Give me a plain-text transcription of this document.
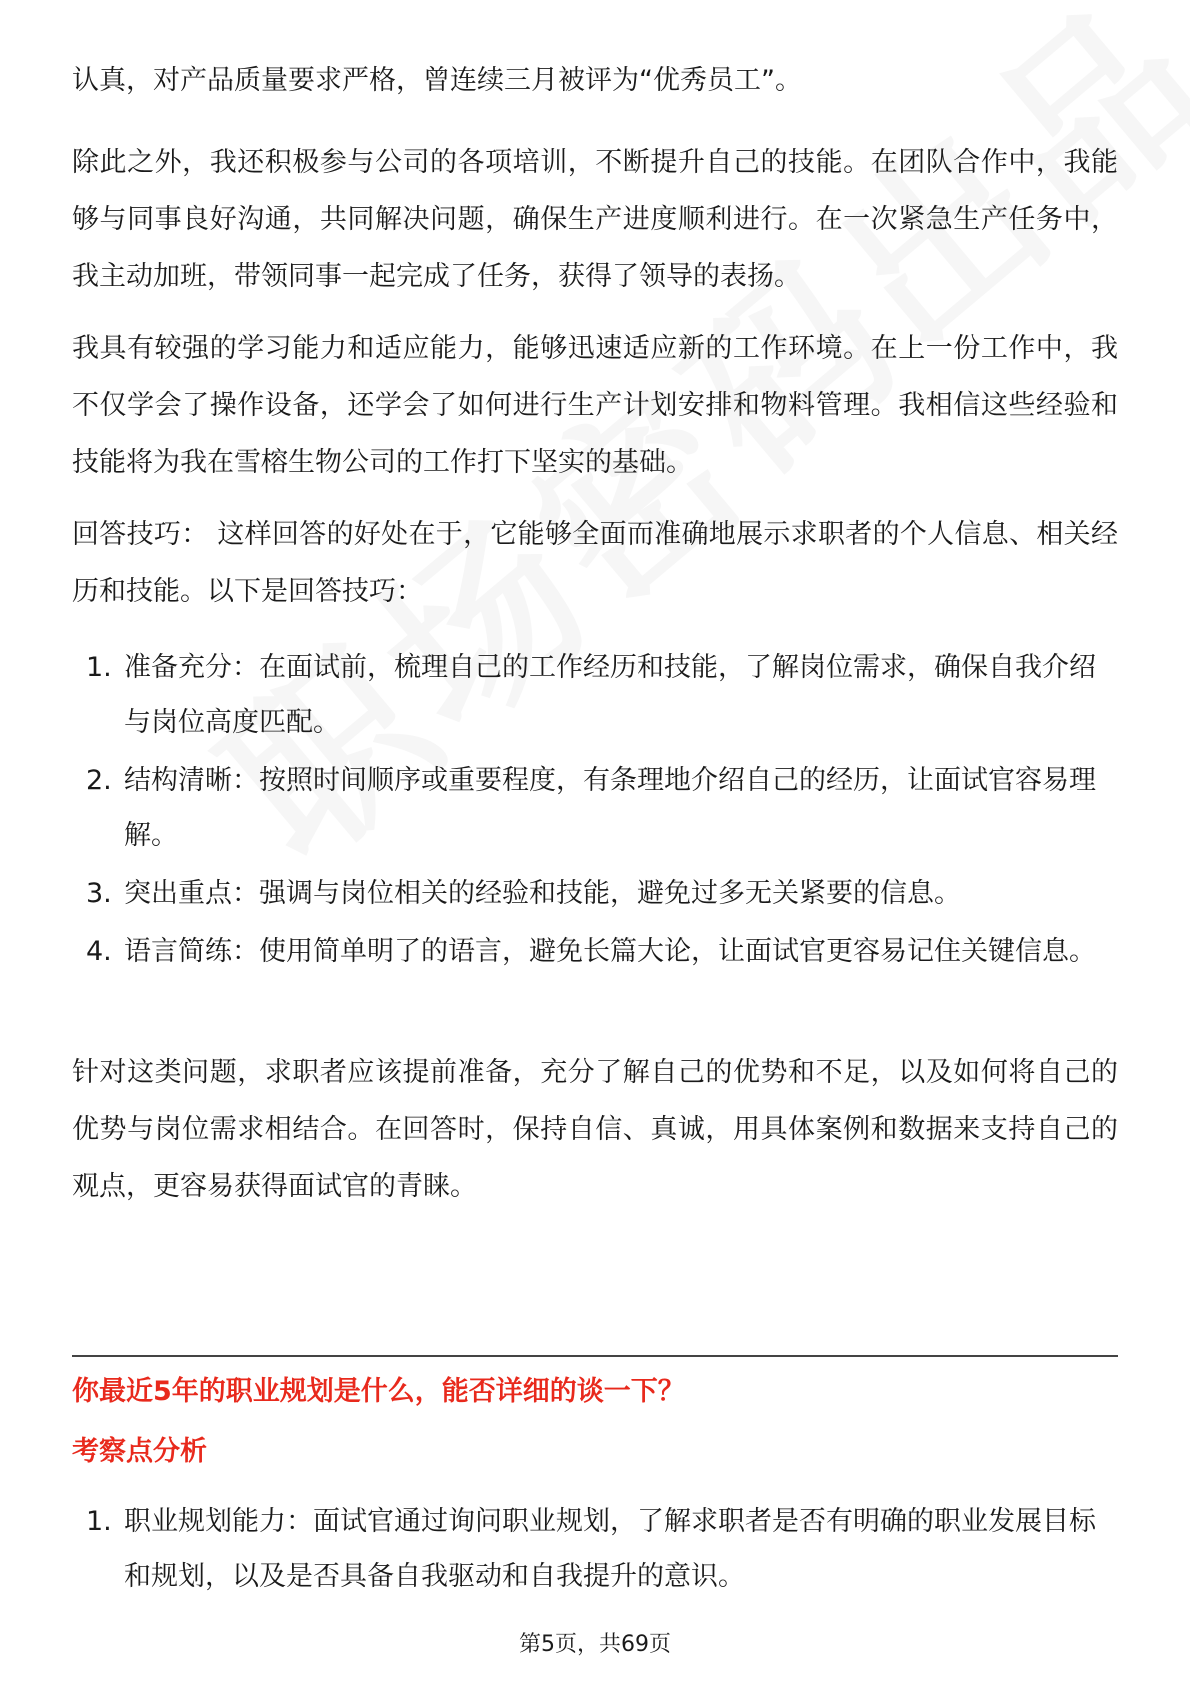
认真，对产品质量要求严格，曾连续三月被评为“优秀员工”。

除此之外，我还积极参与公司的各项培训，不断提升自己的技能。在团队合作中，我能够与同事良好沟通，共同解决问题，确保生产进度顺利进行。在一次紧急生产任务中，我主动加班，带领同事一起完成了任务，获得了领导的表扬。

我具有较强的学习能力和适应能力，能够迅速适应新的工作环境。在上一份工作中，我不仅学会了操作设备，还学会了如何进行生产计划安排和物料管理。我相信这些经验和技能将为我在雪榕生物公司的工作打下坚实的基础。

回答技巧： 这样回答的好处在于，它能够全面而准确地展示求职者的个人信息、相关经历和技能。以下是回答技巧：

1. 准备充分：在面试前，梳理自己的工作经历和技能，了解岗位需求，确保自我介绍与岗位高度匹配。
2. 结构清晰：按照时间顺序或重要程度，有条理地介绍自己的经历，让面试官容易理解。
3. 突出重点：强调与岗位相关的经验和技能，避免过多无关紧要的信息。
4. 语言简练：使用简单明了的语言，避免长篇大论，让面试官更容易记住关键信息。

针对这类问题，求职者应该提前准备，充分了解自己的优势和不足，以及如何将自己的优势与岗位需求相结合。在回答时，保持自信、真诚，用具体案例和数据来支持自己的观点，更容易获得面试官的青睐。

你最近5年的职业规划是什么，能否详细的谈一下？
考察点分析
1. 职业规划能力：面试官通过询问职业规划，了解求职者是否有明确的职业发展目标和规划，以及是否具备自我驱动和自我提升的意识。
第5页，共69页
